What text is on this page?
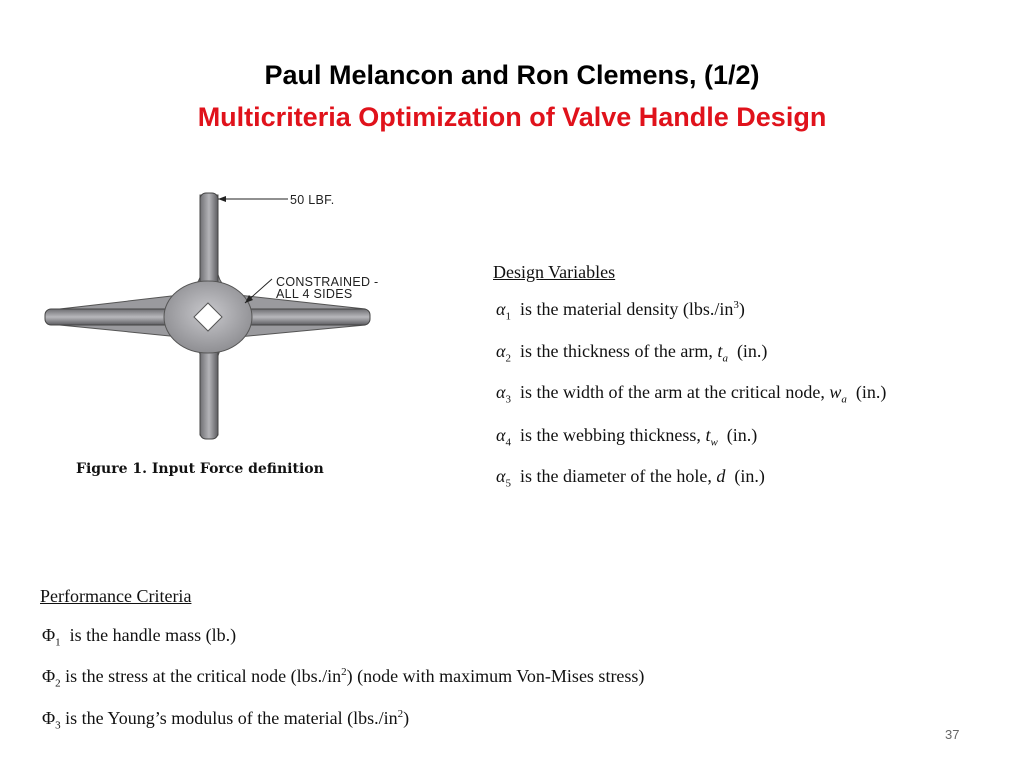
Paul Melancon and Ron Clemens, (1/2)
Multicriteria Optimization of Valve Handle Design
50 LBF.
CONSTRAINED -
ALL 4 SIDES
Figure 1. Input Force definition
Design Variables
$\alpha_1$ is the material density $(lbs./in^3)$
$\alpha_2$ is the thickness of the arm, $t_a$ (in.)
$\alpha_3$ is the width of the arm at the critical node, $w_a$ (in.)
$\alpha_4$ is the webbing thickness, $t_w$ (in.)
$\alpha_5$ is the diameter of the hole, d (in.)
Performance Criteria
$\Phi_1$ is the handle mass (lb.)
$\Phi_2$ is the stress at the critical node $(lbs./in^2)$ (node with maximum Von-Mises stress)
$\Phi_3$ is the Young’s modulus of the material $(lbs./in^2)$
37
